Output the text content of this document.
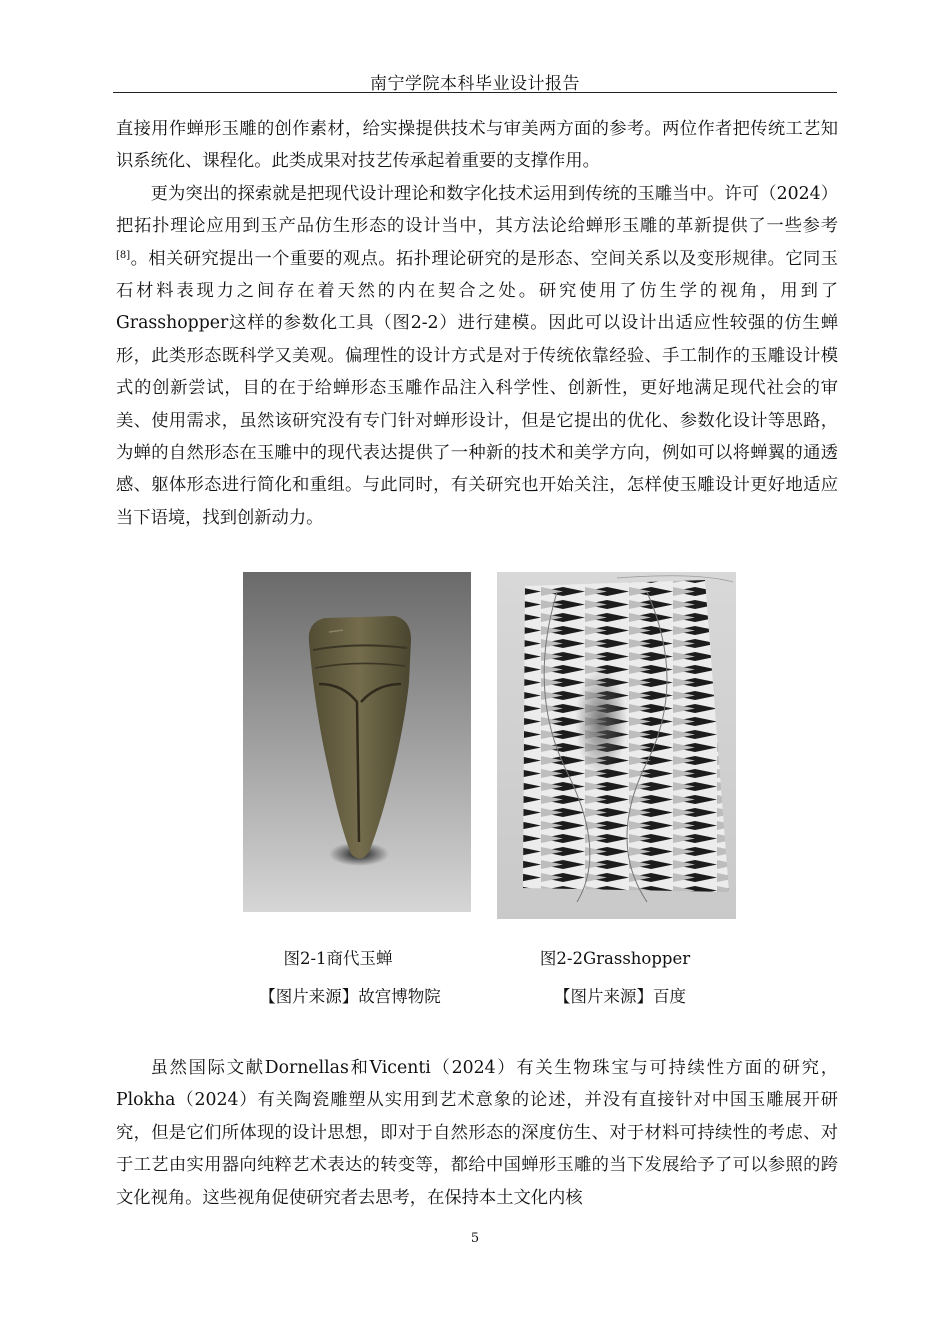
南宁学院本科毕业设计报告

直接用作蝉形玉雕的创作素材，给实操提供技术与审美两方面的参考。两位作者把传统工艺知识系统化、课程化。此类成果对技艺传承起着重要的支撑作用。

更为突出的探索就是把现代设计理论和数字化技术运用到传统的玉雕当中。许可（2024）把拓扑理论应用到玉产品仿生形态的设计当中，其方法论给蝉形玉雕的革新提供了一些参考[8]。相关研究提出一个重要的观点。拓扑理论研究的是形态、空间关系以及变形规律。它同玉石材料表现力之间存在着天然的内在契合之处。研究使用了仿生学的视角，用到了Grasshopper这样的参数化工具（图2-2）进行建模。因此可以设计出适应性较强的仿生蝉形，此类形态既科学又美观。偏理性的设计方式是对于传统依靠经验、手工制作的玉雕设计模式的创新尝试，目的在于给蝉形态玉雕作品注入科学性、创新性，更好地满足现代社会的审美、使用需求，虽然该研究没有专门针对蝉形设计，但是它提出的优化、参数化设计等思路，为蝉的自然形态在玉雕中的现代表达提供了一种新的技术和美学方向，例如可以将蝉翼的通透感、躯体形态进行简化和重组。与此同时，有关研究也开始关注，怎样使玉雕设计更好地适应当下语境，找到创新动力。

图2-1商代玉蝉
【图片来源】故宫博物院
图2-2Grasshopper
【图片来源】百度

虽然国际文献Dornellas和Vicenti（2024）有关生物珠宝与可持续性方面的研究，Plokha（2024）有关陶瓷雕塑从实用到艺术意象的论述，并没有直接针对中国玉雕展开研究，但是它们所体现的设计思想，即对于自然形态的深度仿生、对于材料可持续性的考虑、对于工艺由实用器向纯粹艺术表达的转变等，都给中国蝉形玉雕的当下发展给予了可以参照的跨文化视角。这些视角促使研究者去思考，在保持本土文化内核

5
